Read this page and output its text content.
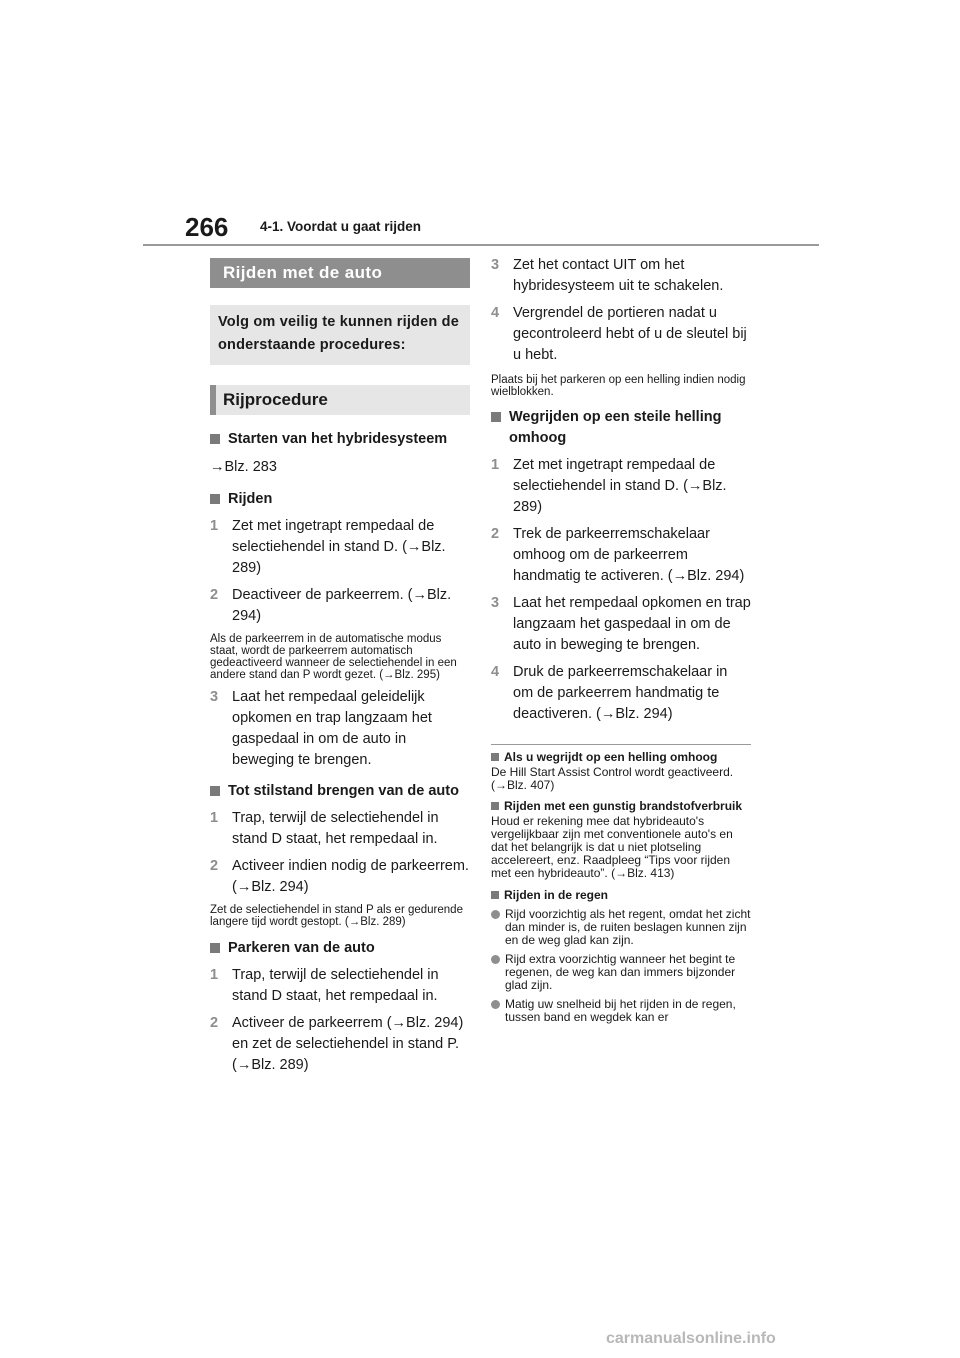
266 4-1. Voordat u gaat rijden
Rijden met de auto
Volg om veilig te kunnen rijden de onderstaande procedures:
Rijprocedure
Starten van het hybridesysteem
→Blz. 283
Rijden
1 Zet met ingetrapt rempedaal de selectiehendel in stand D. (→Blz. 289)
2 Deactiveer de parkeerrem. (→Blz. 294)
Als de parkeerrem in de automatische modus staat, wordt de parkeerrem automatisch gedeactiveerd wanneer de selectiehendel in een andere stand dan P wordt gezet. (→Blz. 295)
3 Laat het rempedaal geleidelijk opkomen en trap langzaam het gaspedaal in om de auto in beweging te brengen.
Tot stilstand brengen van de auto
1 Trap, terwijl de selectiehendel in stand D staat, het rempedaal in.
2 Activeer indien nodig de parkeerrem. (→Blz. 294)
Zet de selectiehendel in stand P als er gedurende langere tijd wordt gestopt. (→Blz. 289)
Parkeren van de auto
1 Trap, terwijl de selectiehendel in stand D staat, het rempedaal in.
2 Activeer de parkeerrem (→Blz. 294) en zet de selectiehendel in stand P. (→Blz. 289)
3 Zet het contact UIT om het hybridesysteem uit te schakelen.
4 Vergrendel de portieren nadat u gecontroleerd hebt of u de sleutel bij u hebt.
Plaats bij het parkeren op een helling indien nodig wielblokken.
Wegrijden op een steile helling omhoog
1 Zet met ingetrapt rempedaal de selectiehendel in stand D. (→Blz. 289)
2 Trek de parkeerremschakelaar omhoog om de parkeerrem handmatig te activeren. (→Blz. 294)
3 Laat het rempedaal opkomen en trap langzaam het gaspedaal in om de auto in beweging te brengen.
4 Druk de parkeerremschakelaar in om de parkeerrem handmatig te deactiveren. (→Blz. 294)
Als u wegrijdt op een helling omhoog
De Hill Start Assist Control wordt geactiveerd. (→Blz. 407)
Rijden met een gunstig brandstofverbruik
Houd er rekening mee dat hybrideauto's vergelijkbaar zijn met conventionele auto's en dat het belangrijk is dat u niet plotseling accelereert, enz. Raadpleeg “Tips voor rijden met een hybrideauto”. (→Blz. 413)
Rijden in de regen
Rijd voorzichtig als het regent, omdat het zicht dan minder is, de ruiten beslagen kunnen zijn en de weg glad kan zijn.
Rijd extra voorzichtig wanneer het begint te regenen, de weg kan dan immers bijzonder glad zijn.
Matig uw snelheid bij het rijden in de regen, tussen band en wegdek kan er
carmanualsonline.info
